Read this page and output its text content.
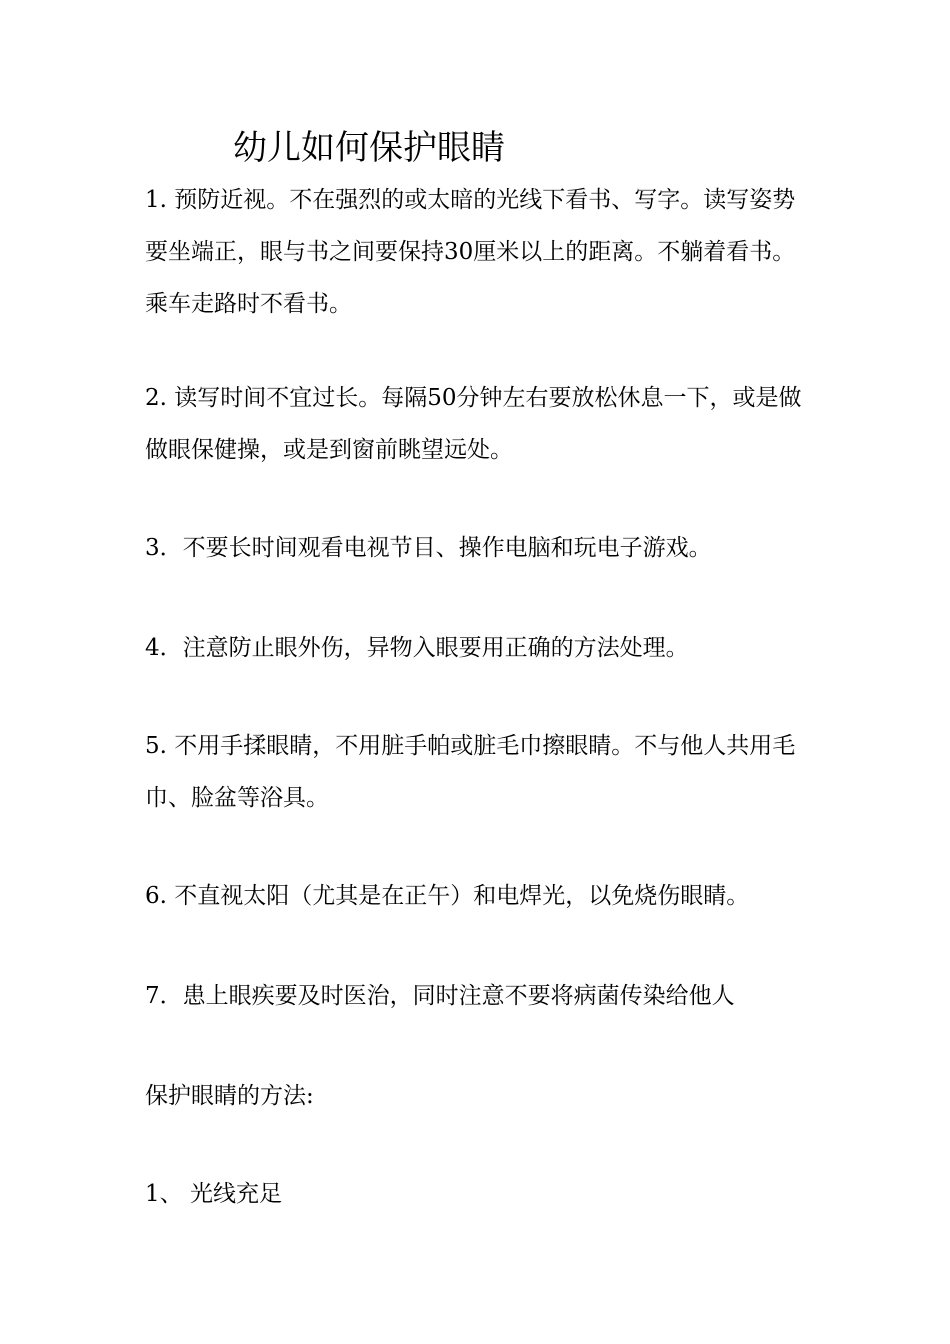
幼儿如何保护眼睛

1. 预防近视。不在强烈的或太暗的光线下看书、写字。读写姿势要坐端正，眼与书之间要保持30厘米以上的距离。不躺着看书。乘车走路时不看书。

2. 读写时间不宜过长。每隔50分钟左右要放松休息一下，或是做做眼保健操，或是到窗前眺望远处。

3．不要长时间观看电视节目、操作电脑和玩电子游戏。

4．注意防止眼外伤，异物入眼要用正确的方法处理。

5. 不用手揉眼睛，不用脏手帕或脏毛巾擦眼睛。不与他人共用毛巾、脸盆等浴具。

6. 不直视太阳（尤其是在正午）和电焊光，以免烧伤眼睛。

7．患上眼疾要及时医治，同时注意不要将病菌传染给他人

保护眼睛的方法:

1、 光线充足
